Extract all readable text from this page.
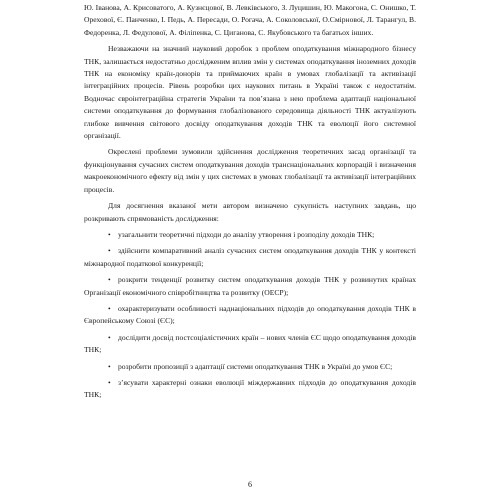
Ю. Іванова, А. Крисоватого, А. Кузнєцової, В. Левківського, З. Луцишин, Ю. Макогона, С. Онишко, Т. Орехової, Є. Панченко, І. Педь, А. Пересади, О. Рогача, А. Соколовської, О.Смірнової, Л. Тарангул, В. Федоренка, Л. Федулової, А. Філіпенка, С. Циганова, С. Якубовського та багатьох інших.

Незважаючи на значний науковий доробок з проблем оподаткування міжнародного бізнесу ТНК, залишається недостатньо дослідженим вплив змін у системах оподаткування іноземних доходів ТНК на економіку країн-донорів та приймаючих країн в умовах глобалізації та активізації інтеграційних процесів. Рівень розробки цих наукових питань в Україні також є недостатнім. Водночас євроінтеграційна стратегія України та пов’язана з нею проблема адаптації національної системи оподаткування до формування глобалізованого середовища діяльності ТНК актуалізують глибоке вивчення світового досвіду оподаткування доходів ТНК та еволюції його системної організації.

Окреслені проблеми зумовили здійснення дослідження теоретичних засад організації та функціонування сучасних систем оподаткування доходів транснаціональних корпорацій і визначення макроекономічного ефекту від змін у цих системах в умовах глобалізації та активізації інтеграційних процесів.

Для досягнення вказаної мети автором визначено сукупність наступних завдань, що розкривають спрямованість дослідження:

• узагальнити теоретичні підходи до аналізу утворення і розподілу доходів ТНК;

• здійснити компаративний аналіз сучасних систем оподаткування доходів ТНК у контексті міжнародної податкової конкуренції;

• розкрити тенденції розвитку систем оподаткування доходів ТНК у розвинутих країнах Організації економічного співробітництва та розвитку (ОЕСР);

• охарактеризувати особливості наднаціональних підходів до оподаткування доходів ТНК в Європейському Союзі (ЄС);

• дослідити досвід постсоціалістичних країн – нових членів ЄС щодо оподаткування доходів ТНК;

• розробити пропозиції з адаптації системи оподаткування ТНК в Україні до умов ЄС;

• з’ясувати характерні ознаки еволюції міждержавних підходів до оподаткування доходів ТНК;

6
